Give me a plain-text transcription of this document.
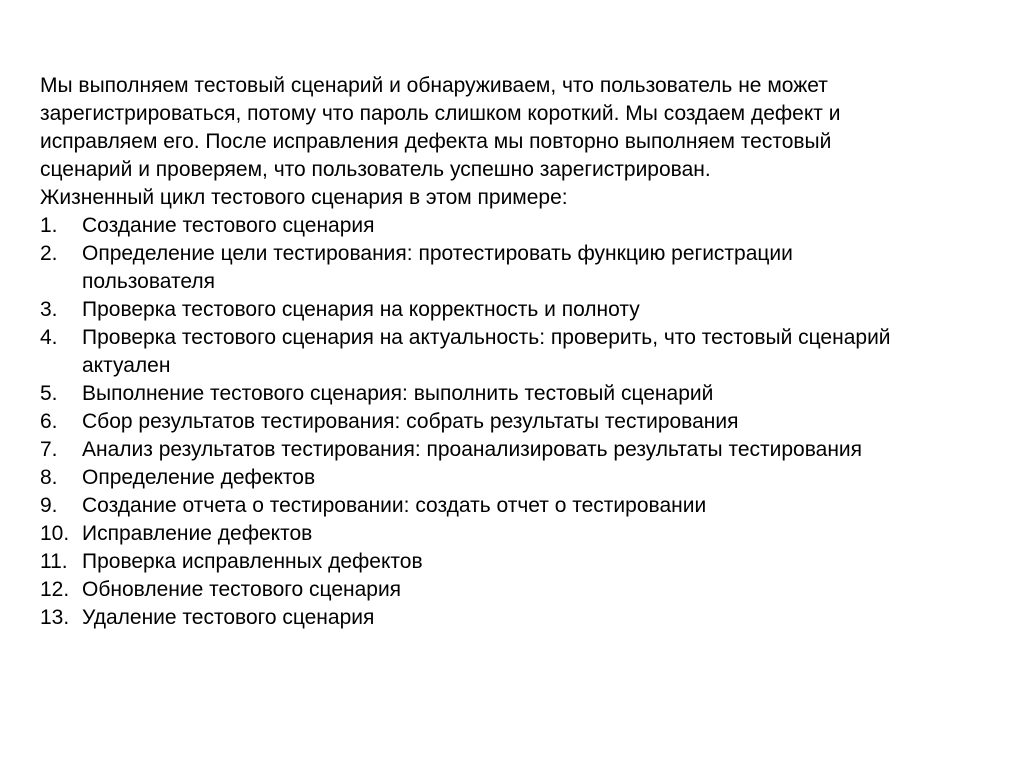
Мы выполняем тестовый сценарий и обнаруживаем, что пользователь не может
зарегистрироваться, потому что пароль слишком короткий. Мы создаем дефект и
исправляем его. После исправления дефекта мы повторно выполняем тестовый
сценарий и проверяем, что пользователь успешно зарегистрирован.
Жизненный цикл тестового сценария в этом примере:
1.	Создание тестового сценария
2.	Определение цели тестирования: протестировать функцию регистрации
пользователя
3.	Проверка тестового сценария на корректность и полноту
4.	Проверка тестового сценария на актуальность: проверить, что тестовый сценарий
актуален
5.	Выполнение тестового сценария: выполнить тестовый сценарий
6.	Сбор результатов тестирования: собрать результаты тестирования
7.	Анализ результатов тестирования: проанализировать результаты тестирования
8.	Определение дефектов
9.	Создание отчета о тестировании: создать отчет о тестировании
10. Исправление дефектов
11. Проверка исправленных дефектов
12. Обновление тестового сценария
13. Удаление тестового сценария
